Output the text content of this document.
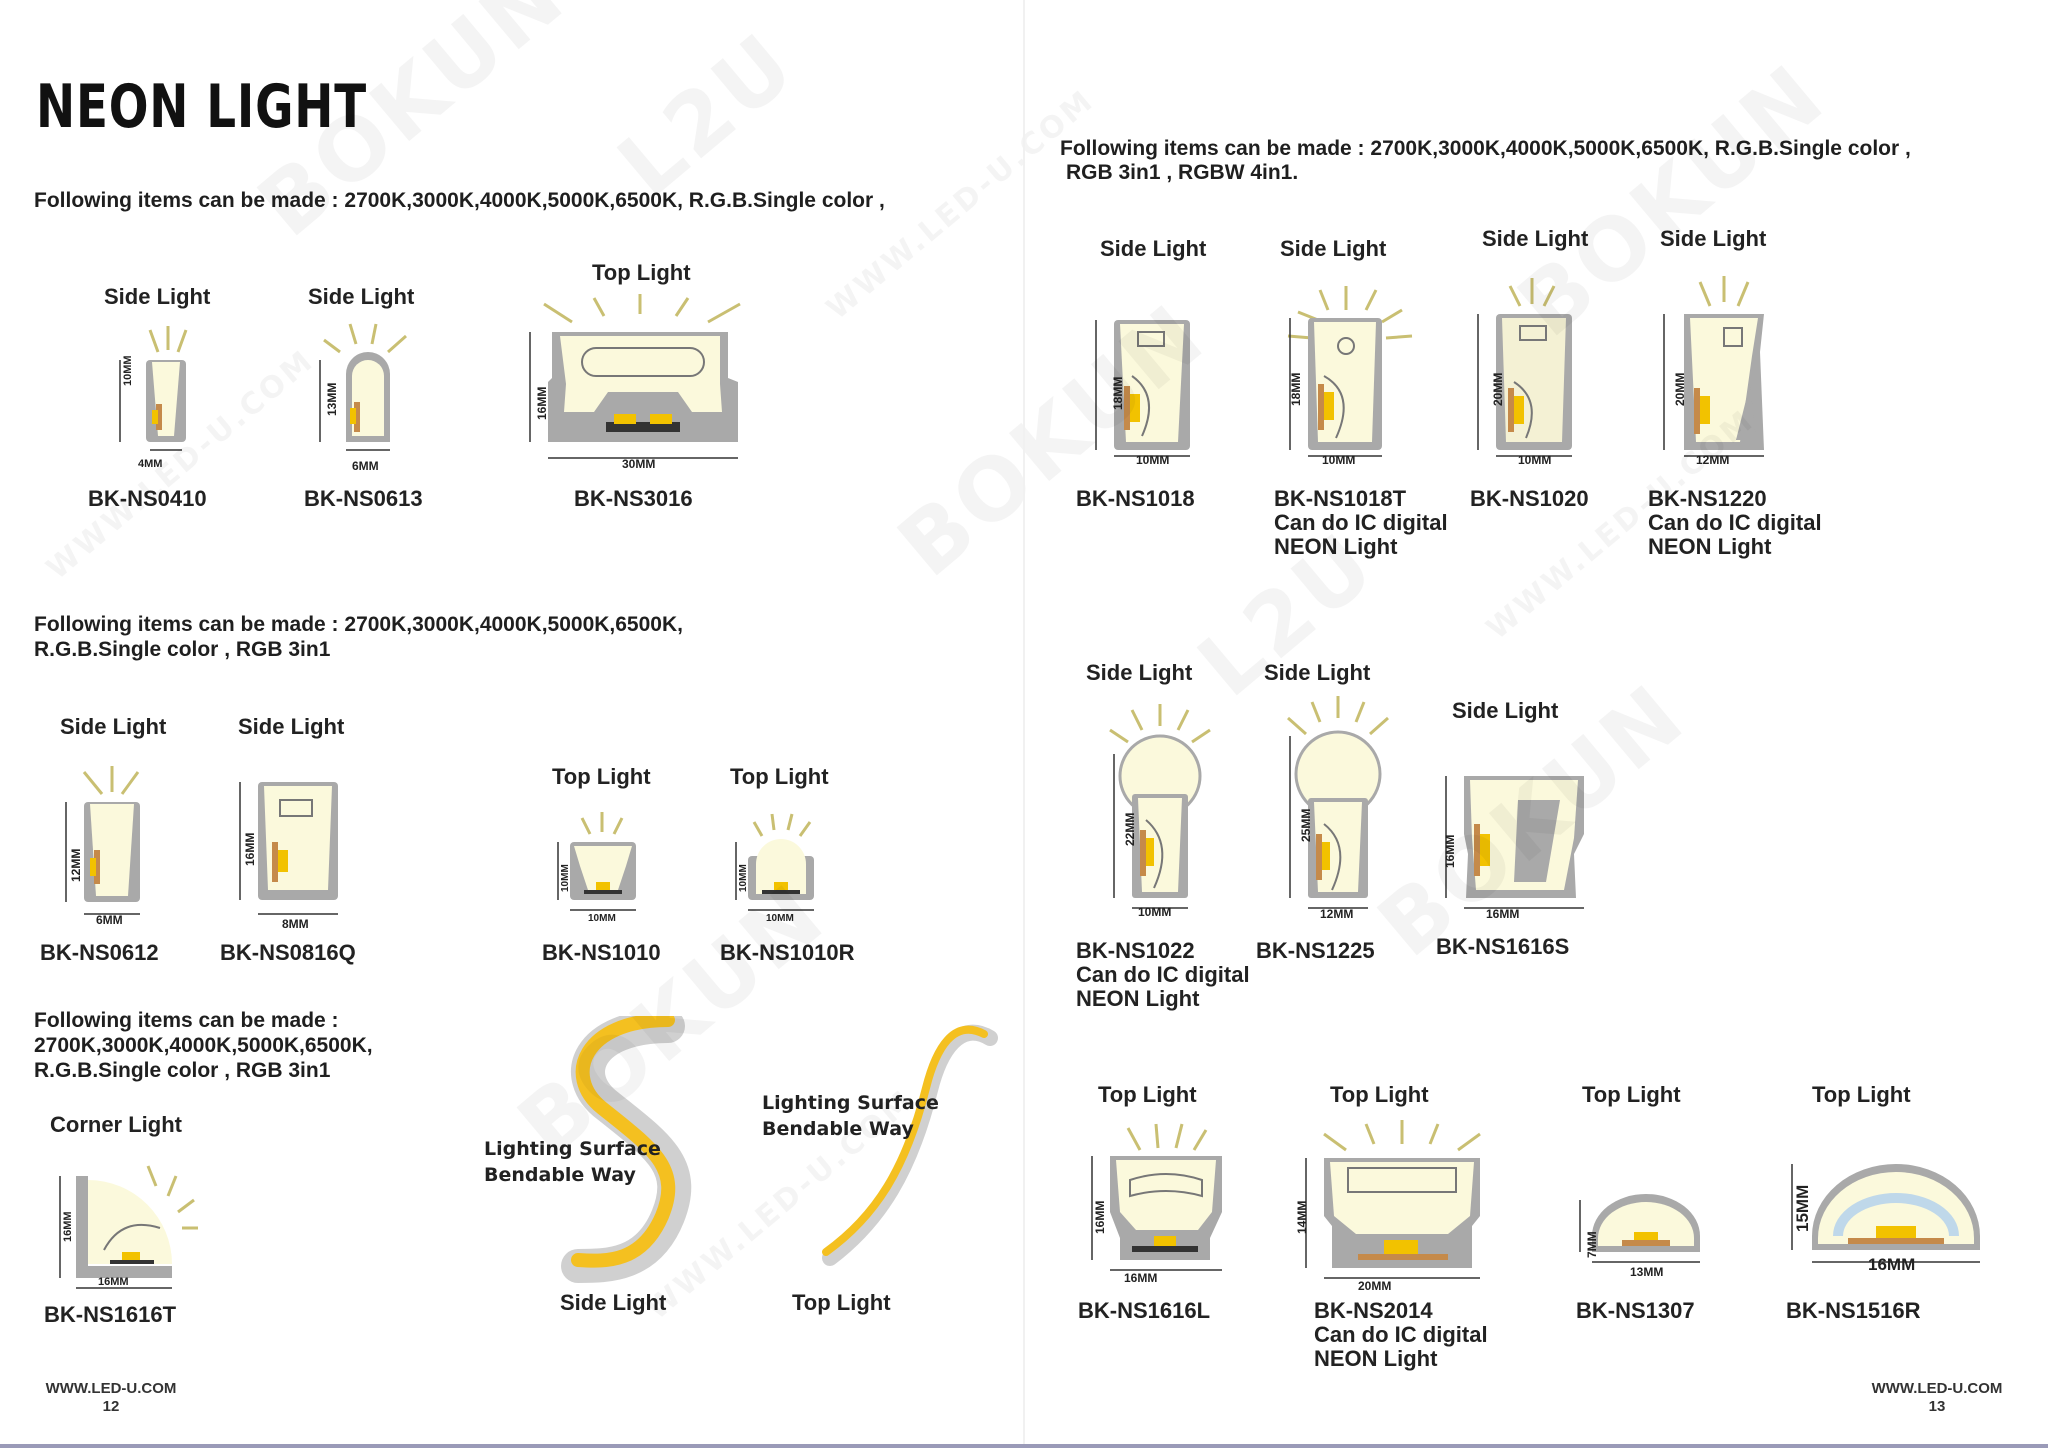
NEON LIGHT
Following items can be made : 2700K,3000K,4000K,5000K,6500K, R.G.B.Single color ,
Side Light
10MM
4MM
BK-NS0410
Side Light
13MM
6MM
BK-NS0613
Top Light
16MM
30MM
BK-NS3016
Following items can be made : 2700K,3000K,4000K,5000K,6500K,
R.G.B.Single color , RGB 3in1
Side Light
12MM
6MM
BK-NS0612
Side Light
16MM
8MM
BK-NS0816Q
Top Light
10MM
10MM
BK-NS1010
Top Light
10MM
10MM
BK-NS1010R
Following items can be made :
2700K,3000K,4000K,5000K,6500K,
R.G.B.Single color , RGB 3in1
Corner Light
16MM
16MM
BK-NS1616T
Lighting Surface
Bendable Way
Side Light
Lighting Surface
Bendable Way
Top Light
WWW.LED-U.COM
12
Following items can be made : 2700K,3000K,4000K,5000K,6500K, R.G.B.Single color ,
RGB 3in1 , RGBW 4in1.
Side Light
18MM
10MM
BK-NS1018
Side Light
18MM
10MM
BK-NS1018T
Can do IC digital
NEON Light
Side Light
20MM
10MM
BK-NS1020
Side Light
20MM
12MM
BK-NS1220
Can do IC digital
NEON Light
Side Light
22MM
10MM
BK-NS1022
Can do IC digital
NEON Light
Side Light
25MM
12MM
BK-NS1225
Side Light
16MM
16MM
BK-NS1616S
Top Light
16MM
16MM
BK-NS1616L
Top Light
14MM
20MM
BK-NS2014
Can do IC digital
NEON Light
Top Light
7MM
13MM
BK-NS1307
Top Light
15MM
16MM
BK-NS1516R
WWW.LED-U.COM
13
